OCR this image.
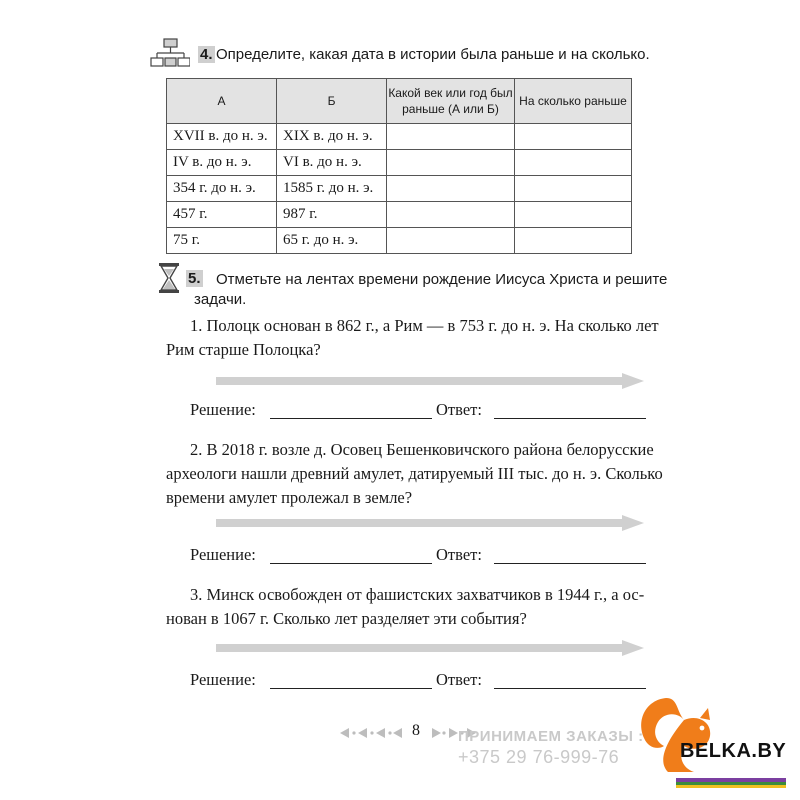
4. Определите, какая дата в истории была раньше и на сколько.
А	Б	Какой век или год был раньше (А или Б)	На сколько раньше
XVII в. до н. э.	XIX в. до н. э.		
IV в. до н. э.	VI в. до н. э.		
354 г. до н. э.	1585 г. до н. э.		
457 г.	987 г.		
75 г.	65 г. до н. э.		
5. Отметьте на лентах времени рождение Иисуса Христа и решите
задачи.
1. Полоцк основан в 862 г., а Рим — в 753 г. до н. э. На сколько лет
Рим старше Полоцка?
Решение:	Ответ:
2. В 2018 г. возле д. Осовец Бешенковичского района белорусские
археологи нашли древний амулет, датируемый III тыс. до н. э. Сколько
времени амулет пролежал в земле?
Решение:	Ответ:
3. Минск освобожден от фашистских захватчиков в 1944 г., а ос-
нован в 1067 г. Сколько лет разделяет эти события?
Решение:	Ответ:
8	ПРИНИМАЕМ ЗАКАЗЫ :
+375 29 76-999-76	BELKA.BY
